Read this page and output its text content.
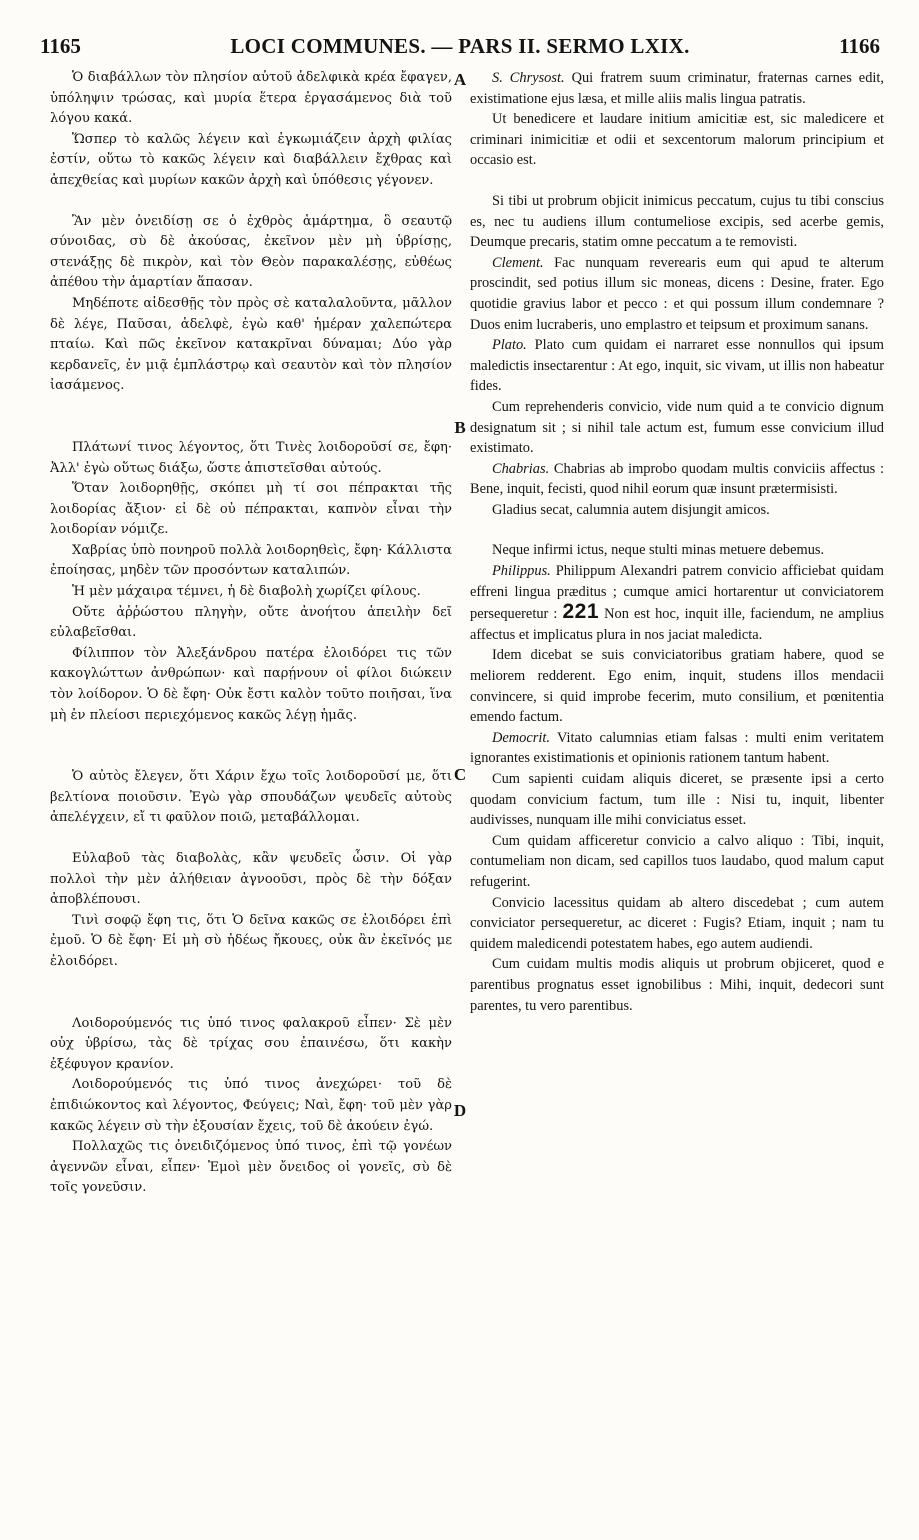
1165	LOCI COMMUNES. — PARS II. SERMO LXIX.	1166
A
B
C
D

Ὁ διαβάλλων τὸν πλησίον αὐτοῦ ἀδελφικὰ κρέα ἔφαγεν, ὑπόληψιν τρώσας, καὶ μυρία ἕτερα ἐργασάμενος διὰ τοῦ λόγου κακά.

Ὥσπερ τὸ καλῶς λέγειν καὶ ἐγκωμιάζειν ἀρχὴ φιλίας ἐστίν, οὕτω τὸ κακῶς λέγειν καὶ διαβάλλειν ἔχθρας καὶ ἀπεχθείας καὶ μυρίων κακῶν ἀρχὴ καὶ ὑπόθεσις γέγονεν.

Ἂν μὲν ὀνειδίσῃ σε ὁ ἐχθρὸς ἁμάρτημα, ὃ σεαυτῷ σύνοιδας, σὺ δὲ ἀκούσας, ἐκεῖνον μὲν μὴ ὑβρίσῃς, στενάξῃς δὲ πικρὸν, καὶ τὸν Θεὸν παρακαλέσῃς, εὐθέως ἀπέθου τὴν ἁμαρτίαν ἅπασαν.

Μηδέποτε αἰδεσθῇς τὸν πρὸς σὲ καταλαλοῦντα, μᾶλλον δὲ λέγε, Παῦσαι, ἀδελφὲ, ἐγὼ καθ' ἡμέραν χαλεπώτερα πταίω. Καὶ πῶς ἐκεῖνον κατακρῖναι δύναμαι; Δύο γὰρ κερδανεῖς, ἐν μιᾷ ἐμπλάστρῳ καὶ σεαυτὸν καὶ τὸν πλησίον ἰασάμενος.

Πλάτωνί τινος λέγοντος, ὅτι Τινὲς λοιδοροῦσί σε, ἔφη· Ἀλλ' ἐγὼ οὕτως διάξω, ὥστε ἀπιστεῖσθαι αὐτούς.

Ὅταν λοιδορηθῇς, σκόπει μὴ τί σοι πέπρακται τῆς λοιδορίας ἄξιον· εἰ δὲ οὐ πέπρακται, καπνὸν εἶναι τὴν λοιδορίαν νόμιζε.

Χαβρίας ὑπὸ πονηροῦ πολλὰ λοιδορηθεὶς, ἔφη· Κάλλιστα ἐποίησας, μηδὲν τῶν προσόντων καταλιπών.

Ἡ μὲν μάχαιρα τέμνει, ἡ δὲ διαβολὴ χωρίζει φίλους.

Οὔτε ἀῤῥώστου πληγὴν, οὔτε ἀνοήτου ἀπειλὴν δεῖ εὐλαβεῖσθαι.

Φίλιππον τὸν Ἀλεξάνδρου πατέρα ἐλοιδόρει τις τῶν κακογλώττων ἀνθρώπων· καὶ παρῄνουν οἱ φίλοι διώκειν τὸν λοίδορον. Ὁ δὲ ἔφη· Οὐκ ἔστι καλὸν τοῦτο ποιῆσαι, ἵνα μὴ ἐν πλείοσι περιεχόμενος κακῶς λέγῃ ἡμᾶς.

Ὁ αὐτὸς ἔλεγεν, ὅτι Χάριν ἔχω τοῖς λοιδοροῦσί με, ὅτι βελτίονα ποιοῦσιν. Ἐγὼ γὰρ σπουδάζων ψευδεῖς αὐτοὺς ἀπελέγχειν, εἴ τι φαῦλον ποιῶ, μεταβάλλομαι.

Εὐλαβοῦ τὰς διαβολὰς, κἂν ψευδεῖς ὦσιν. Οἱ γὰρ πολλοὶ τὴν μὲν ἀλήθειαν ἀγνοοῦσι, πρὸς δὲ τὴν δόξαν ἀποβλέπουσι.

Τινὶ σοφῷ ἔφη τις, ὅτι Ὁ δεῖνα κακῶς σε ἐλοιδόρει ἐπὶ ἐμοῦ. Ὁ δὲ ἔφη· Εἰ μὴ σὺ ἡδέως ἤκουες, οὐκ ἂν ἐκεῖνός με ἐλοιδόρει.

Λοιδορούμενός τις ὑπό τινος φαλακροῦ εἶπεν· Σὲ μὲν οὐχ ὑβρίσω, τὰς δὲ τρίχας σου ἐπαινέσω, ὅτι κακὴν ἐξέφυγον κρανίον.

Λοιδορούμενός τις ὑπό τινος ἀνεχώρει· τοῦ δὲ ἐπιδιώκοντος καὶ λέγοντος, Φεύγεις; Ναὶ, ἔφη· τοῦ μὲν γὰρ κακῶς λέγειν σὺ τὴν ἐξουσίαν ἔχεις, τοῦ δὲ ἀκούειν ἐγώ.

Πολλαχῶς τις ὀνειδιζόμενος ὑπό τινος, ἐπὶ τῷ γονέων ἀγεννῶν εἶναι, εἶπεν· Ἐμοὶ μὲν ὄνειδος οἱ γονεῖς, σὺ δὲ τοῖς γονεῦσιν.

S. Chrysost. Qui fratrem suum criminatur, fraternas carnes edit, existimatione ejus læsa, et mille aliis malis lingua patratis.

Ut benedicere et laudare initium amicitiæ est, sic maledicere et criminari inimicitiæ et odii et sexcentorum malorum principium et occasio est.

Si tibi ut probrum objicit inimicus peccatum, cujus tu tibi conscius es, nec tu audiens illum contumeliose excipis, sed acerbe gemis, Deumque precaris, statim omne peccatum a te removisti.

Clement. Fac nunquam reverearis eum qui apud te alterum proscindit, sed potius illum sic moneas, dicens : Desine, frater. Ego quotidie gravius labor et pecco : et qui possum illum condemnare ? Duos enim lucraberis, uno emplastro et teipsum et proximum sanans.

Plato. Plato cum quidam ei narraret esse nonnullos qui ipsum maledictis insectarentur : At ego, inquit, sic vivam, ut illis non habeatur fides.

Cum reprehenderis convicio, vide num quid a te convicio dignum designatum sit ; si nihil tale actum est, fumum esse convicium illud existimato.

Chabrias. Chabrias ab improbo quodam multis conviciis affectus : Bene, inquit, fecisti, quod nihil eorum quæ insunt prætermisisti.

Gladius secat, calumnia autem disjungit amicos.

Neque infirmi ictus, neque stulti minas metuere debemus.

Philippus. Philippum Alexandri patrem convicio afficiebat quidam effreni lingua præditus ; cumque amici hortarentur ut conviciatorem persequeretur : 221 Non est hoc, inquit ille, faciendum, ne amplius affectus et implicatus plura in nos jaciat maledicta.

Idem dicebat se suis conviciatoribus gratiam habere, quod se meliorem redderent. Ego enim, inquit, studens illos mendacii convincere, si quid improbe fecerim, muto consilium, et pœnitentia emendo factum.

Democrit. Vitato calumnias etiam falsas : multi enim veritatem ignorantes existimationis et opinionis rationem tantum habent.

Cum sapienti cuidam aliquis diceret, se præsente ipsi a certo quodam convicium factum, tum ille : Nisi tu, inquit, libenter audivisses, nunquam ille mihi conviciatus esset.

Cum quidam afficeretur convicio a calvo aliquo : Tibi, inquit, contumeliam non dicam, sed capillos tuos laudabo, quod malum caput refugerint.

Convicio lacessitus quidam ab altero discedebat ; cum autem conviciator persequeretur, ac diceret : Fugis? Etiam, inquit ; nam tu quidem maledicendi potestatem habes, ego autem audiendi.

Cum cuidam multis modis aliquis ut probrum objiceret, quod e parentibus prognatus esset ignobilibus : Mihi, inquit, dedecori sunt parentes, tu vero parentibus.
